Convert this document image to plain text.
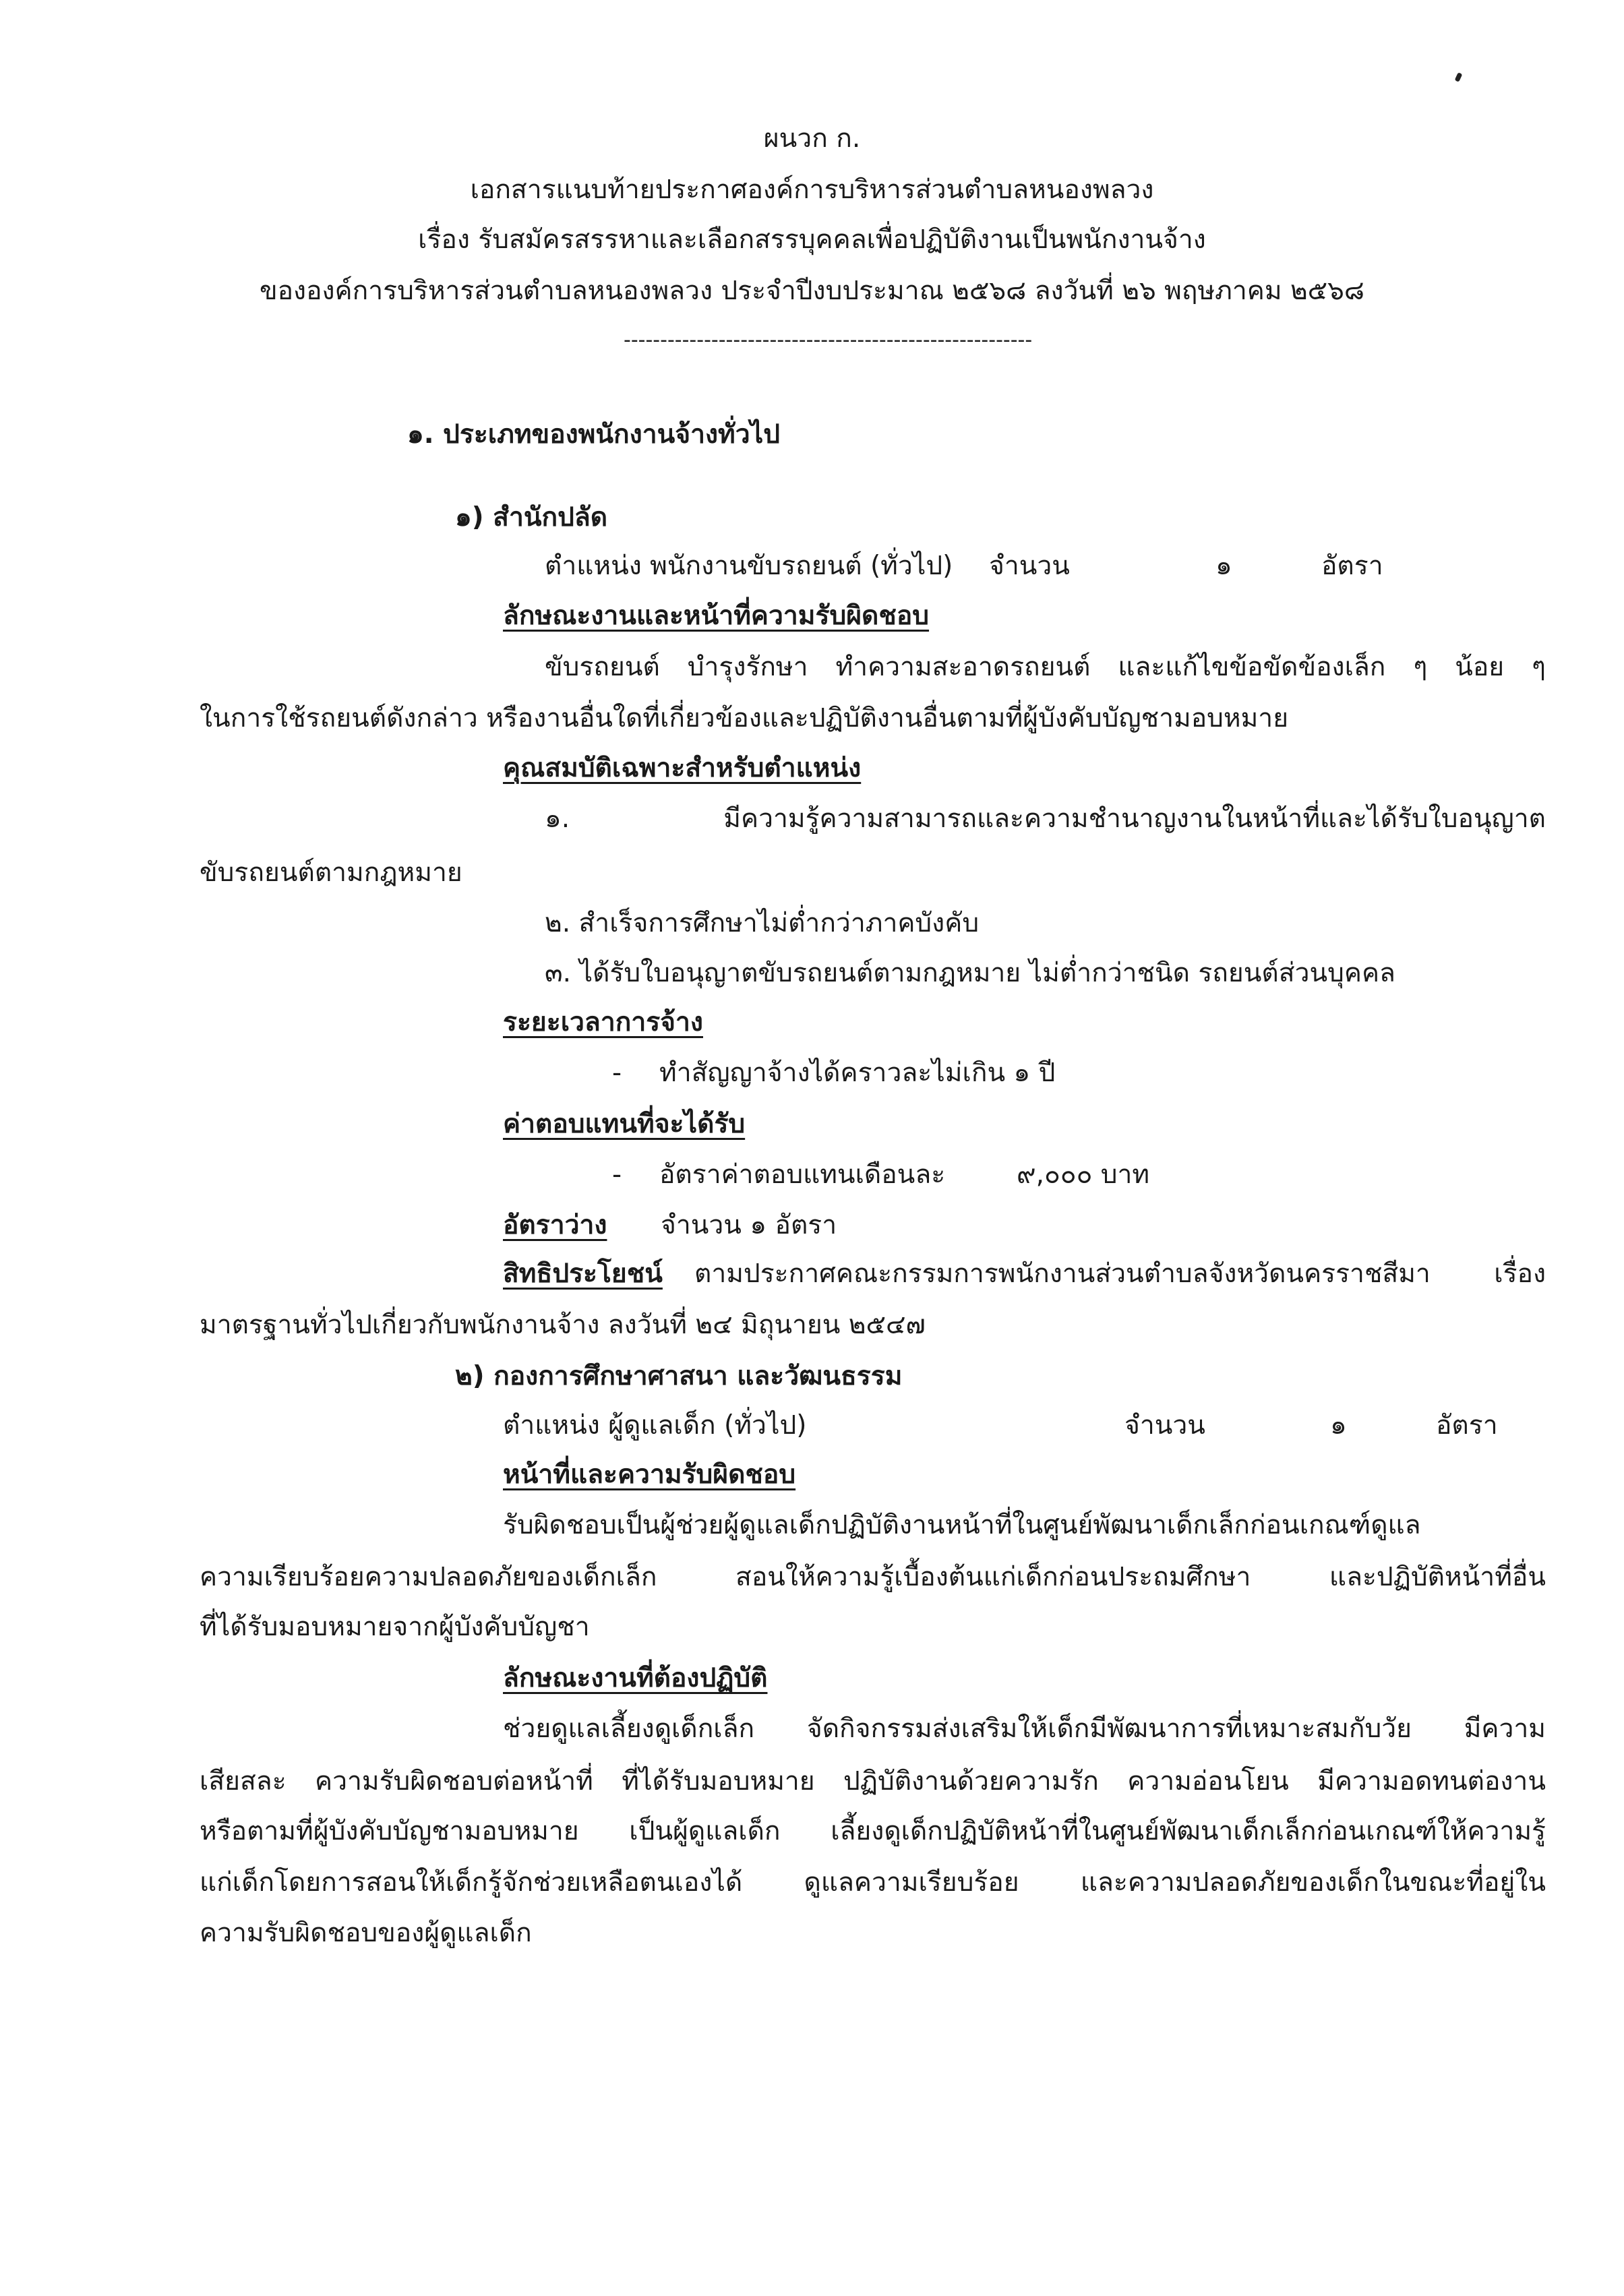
ผนวก ก.
เอกสารแนบท้ายประกาศองค์การบริหารส่วนตำบลหนองพลวง
เรื่อง รับสมัครสรรหาและเลือกสรรบุคคลเพื่อปฏิบัติงานเป็นพนักงานจ้าง
ขององค์การบริหารส่วนตำบลหนองพลวง ประจำปีงบประมาณ ๒๕๖๘ ลงวันที่ ๒๖ พฤษภาคม ๒๕๖๘
--------------------------------------------------------
๑. ประเภทของพนักงานจ้างทั่วไป
๑) สำนักปลัด
ตำแหน่ง พนักงานขับรถยนต์ (ทั่วไป) จำนวน	๑	อัตรา
ลักษณะงานและหน้าที่ความรับผิดชอบ
ขับรถยนต์ บำรุงรักษา ทำความสะอาดรถยนต์ และแก้ไขข้อขัดข้องเล็ก ๆ น้อย ๆ
ในการใช้รถยนต์ดังกล่าว หรืองานอื่นใดที่เกี่ยวข้องและปฏิบัติงานอื่นตามที่ผู้บังคับบัญชามอบหมาย
คุณสมบัติเฉพาะสำหรับตำแหน่ง
๑. มีความรู้ความสามารถและความชำนาญงานในหน้าที่และได้รับใบอนุญาต
ขับรถยนต์ตามกฎหมาย
๒. สำเร็จการศึกษาไม่ต่ำกว่าภาคบังคับ
๓. ได้รับใบอนุญาตขับรถยนต์ตามกฎหมาย ไม่ต่ำกว่าชนิด รถยนต์ส่วนบุคคล
ระยะเวลาการจ้าง
- ทำสัญญาจ้างได้คราวละไม่เกิน ๑ ปี
ค่าตอบแทนที่จะได้รับ
- อัตราค่าตอบแทนเดือนละ	๙,๐๐๐ บาท
อัตราว่าง จำนวน ๑ อัตรา
สิทธิประโยชน์ ตามประกาศคณะกรรมการพนักงานส่วนตำบลจังหวัดนครราชสีมา เรื่อง
มาตรฐานทั่วไปเกี่ยวกับพนักงานจ้าง ลงวันที่ ๒๔ มิถุนายน ๒๕๔๗
๒) กองการศึกษาศาสนา และวัฒนธรรม
ตำแหน่ง ผู้ดูแลเด็ก (ทั่วไป)	จำนวน	๑	อัตรา
หน้าที่และความรับผิดชอบ
รับผิดชอบเป็นผู้ช่วยผู้ดูแลเด็กปฏิบัติงานหน้าที่ในศูนย์พัฒนาเด็กเล็กก่อนเกณฑ์ดูแล
ความเรียบร้อยความปลอดภัยของเด็กเล็ก สอนให้ความรู้เบื้องต้นแก่เด็กก่อนประถมศึกษา และปฏิบัติหน้าที่อื่น
ที่ได้รับมอบหมายจากผู้บังคับบัญชา
ลักษณะงานที่ต้องปฏิบัติ
ช่วยดูแลเลี้ยงดูเด็กเล็ก จัดกิจกรรมส่งเสริมให้เด็กมีพัฒนาการที่เหมาะสมกับวัย มีความ
เสียสละ ความรับผิดชอบต่อหน้าที่ ที่ได้รับมอบหมาย ปฏิบัติงานด้วยความรัก ความอ่อนโยน มีความอดทนต่องาน
หรือตามที่ผู้บังคับบัญชามอบหมาย เป็นผู้ดูแลเด็ก เลี้ยงดูเด็กปฏิบัติหน้าที่ในศูนย์พัฒนาเด็กเล็กก่อนเกณฑ์ให้ความรู้
แก่เด็กโดยการสอนให้เด็กรู้จักช่วยเหลือตนเองได้ ดูแลความเรียบร้อย และความปลอดภัยของเด็กในขณะที่อยู่ใน
ความรับผิดชอบของผู้ดูแลเด็ก
